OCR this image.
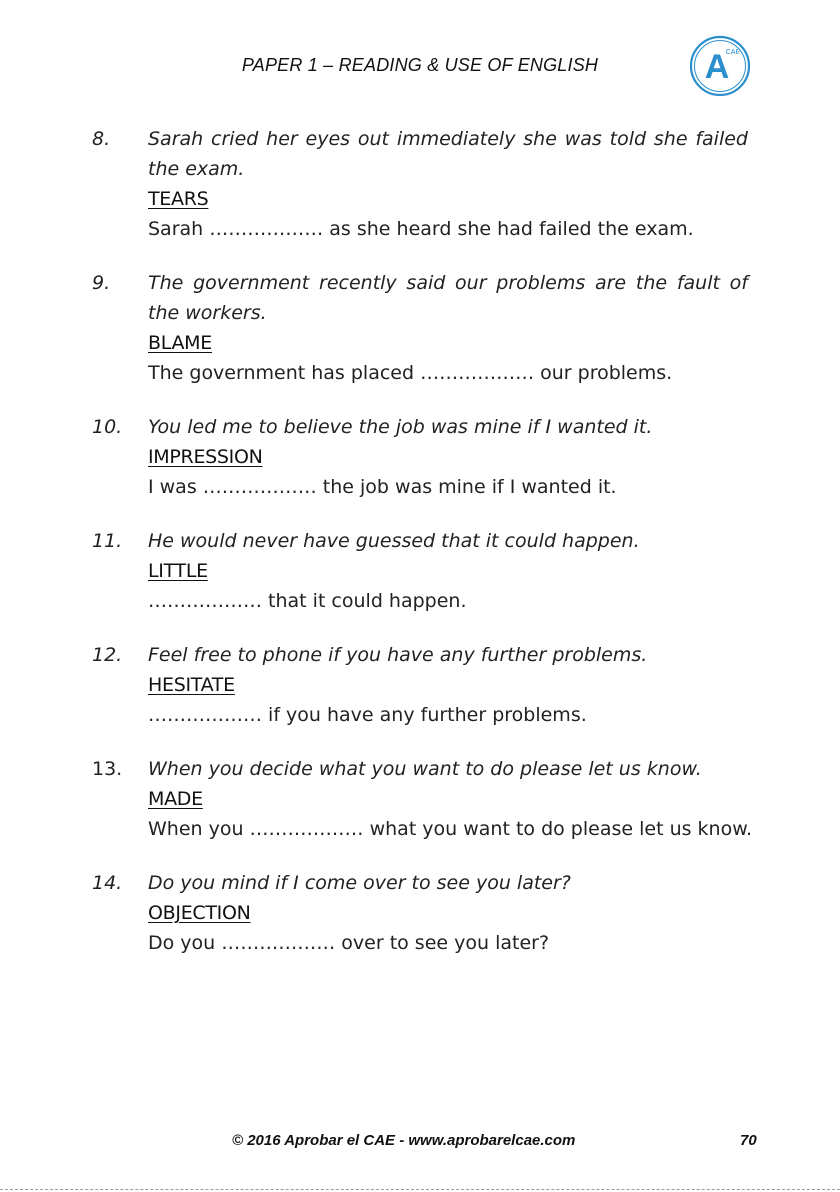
PAPER 1 – READING & USE OF ENGLISH	A
CAE
8. Sarah cried her eyes out immediately she was told she failed the exam.
TEARS
Sarah ……………… as she heard she had failed the exam.
9. The government recently said our problems are the fault of the workers.
BLAME
The government has placed ……………… our problems.
10. You led me to believe the job was mine if I wanted it.
IMPRESSION
I was ……………… the job was mine if I wanted it.
11. He would never have guessed that it could happen.
LITTLE
……………… that it could happen.
12. Feel free to phone if you have any further problems.
HESITATE
……………… if you have any further problems.
13. When you decide what you want to do please let us know.
MADE
When you ……………… what you want to do please let us know.
14. Do you mind if I come over to see you later?
OBJECTION
Do you ……………… over to see you later?
© 2016 Aprobar el CAE - www.aprobarelcae.com	70
